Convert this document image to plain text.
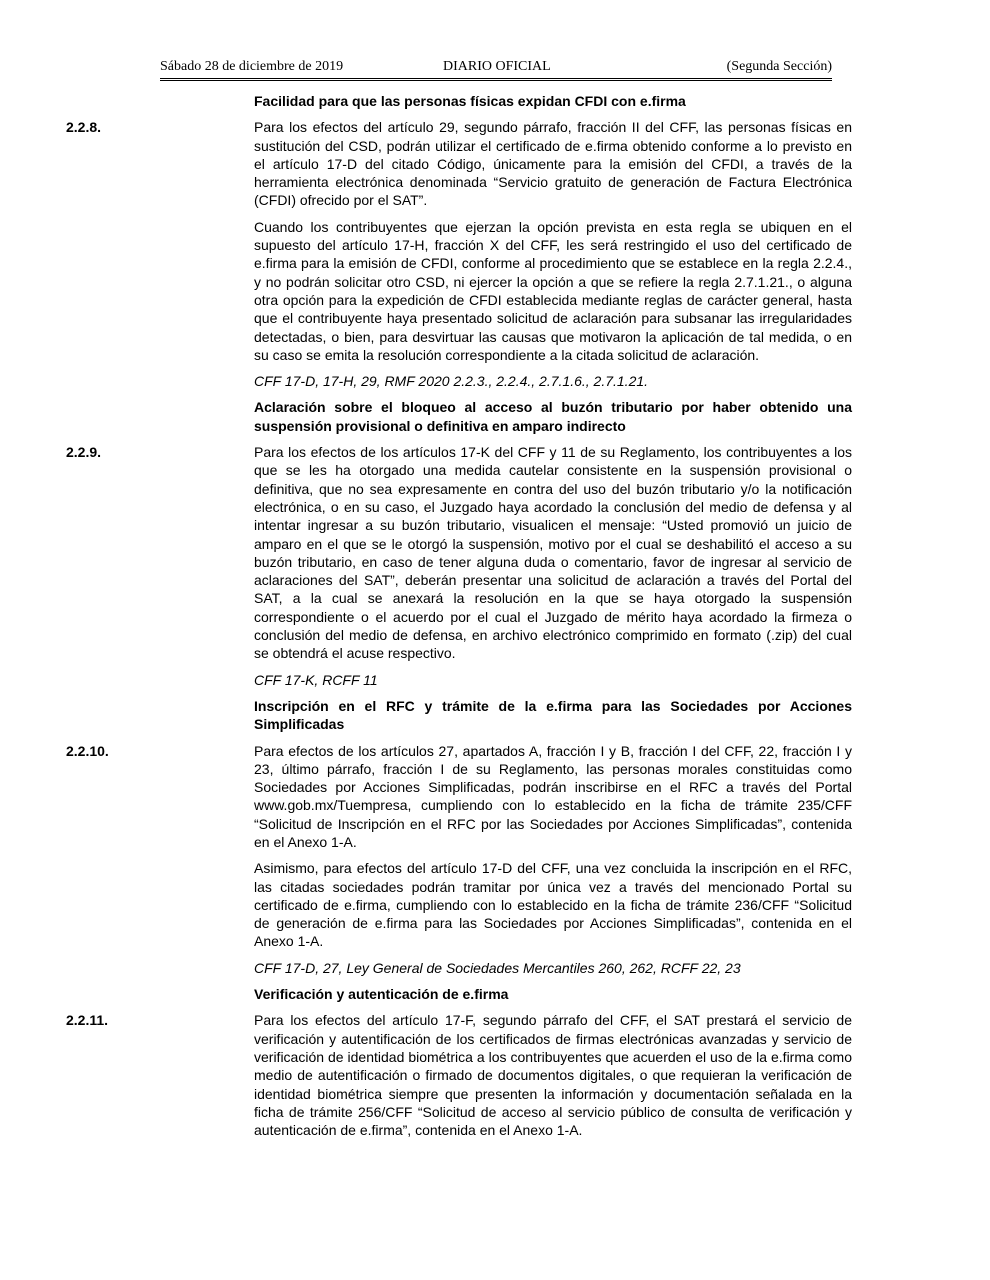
Sábado 28 de diciembre de 2019	DIARIO OFICIAL	(Segunda Sección)

Facilidad para que las personas físicas expidan CFDI con e.firma

2.2.8.	Para los efectos del artículo 29, segundo párrafo, fracción II del CFF, las personas físicas en sustitución del CSD, podrán utilizar el certificado de e.firma obtenido conforme a lo previsto en el artículo 17-D del citado Código, únicamente para la emisión del CFDI, a través de la herramienta electrónica denominada “Servicio gratuito de generación de Factura Electrónica (CFDI) ofrecido por el SAT”.

Cuando los contribuyentes que ejerzan la opción prevista en esta regla se ubiquen en el supuesto del artículo 17-H, fracción X del CFF, les será restringido el uso del certificado de e.firma para la emisión de CFDI, conforme al procedimiento que se establece en la regla 2.2.4., y no podrán solicitar otro CSD, ni ejercer la opción a que se refiere la regla 2.7.1.21., o alguna otra opción para la expedición de CFDI establecida mediante reglas de carácter general, hasta que el contribuyente haya presentado solicitud de aclaración para subsanar las irregularidades detectadas, o bien, para desvirtuar las causas que motivaron la aplicación de tal medida, o en su caso se emita la resolución correspondiente a la citada solicitud de aclaración.

CFF 17-D, 17-H, 29, RMF 2020 2.2.3., 2.2.4., 2.7.1.6., 2.7.1.21.

Aclaración sobre el bloqueo al acceso al buzón tributario por haber obtenido una suspensión provisional o definitiva en amparo indirecto

2.2.9.	Para los efectos de los artículos 17-K del CFF y 11 de su Reglamento, los contribuyentes a los que se les ha otorgado una medida cautelar consistente en la suspensión provisional o definitiva, que no sea expresamente en contra del uso del buzón tributario y/o la notificación electrónica, o en su caso, el Juzgado haya acordado la conclusión del medio de defensa y al intentar ingresar a su buzón tributario, visualicen el mensaje: “Usted promovió un juicio de amparo en el que se le otorgó la suspensión, motivo por el cual se deshabilitó el acceso a su buzón tributario, en caso de tener alguna duda o comentario, favor de ingresar al servicio de aclaraciones del SAT”, deberán presentar una solicitud de aclaración a través del Portal del SAT, a la cual se anexará la resolución en la que se haya otorgado la suspensión correspondiente o el acuerdo por el cual el Juzgado de mérito haya acordado la firmeza o conclusión del medio de defensa, en archivo electrónico comprimido en formato (.zip) del cual se obtendrá el acuse respectivo.

CFF 17-K, RCFF 11

Inscripción en el RFC y trámite de la e.firma para las Sociedades por Acciones Simplificadas

2.2.10.	Para efectos de los artículos 27, apartados A, fracción I y B, fracción I del CFF, 22, fracción I y 23, último párrafo, fracción I de su Reglamento, las personas morales constituidas como Sociedades por Acciones Simplificadas, podrán inscribirse en el RFC a través del Portal www.gob.mx/Tuempresa, cumpliendo con lo establecido en la ficha de trámite 235/CFF “Solicitud de Inscripción en el RFC por las Sociedades por Acciones Simplificadas”, contenida en el Anexo 1-A.

Asimismo, para efectos del artículo 17-D del CFF, una vez concluida la inscripción en el RFC, las citadas sociedades podrán tramitar por única vez a través del mencionado Portal su certificado de e.firma, cumpliendo con lo establecido en la ficha de trámite 236/CFF “Solicitud de generación de e.firma para las Sociedades por Acciones Simplificadas”, contenida en el Anexo 1-A.

CFF 17-D, 27, Ley General de Sociedades Mercantiles 260, 262, RCFF 22, 23

Verificación y autenticación de e.firma

2.2.11.	Para los efectos del artículo 17-F, segundo párrafo del CFF, el SAT prestará el servicio de verificación y autentificación de los certificados de firmas electrónicas avanzadas y servicio de verificación de identidad biométrica a los contribuyentes que acuerden el uso de la e.firma como medio de autentificación o firmado de documentos digitales, o que requieran la verificación de identidad biométrica siempre que presenten la información y documentación señalada en la ficha de trámite 256/CFF “Solicitud de acceso al servicio público de consulta de verificación y autenticación de e.firma”, contenida en el Anexo 1-A.
